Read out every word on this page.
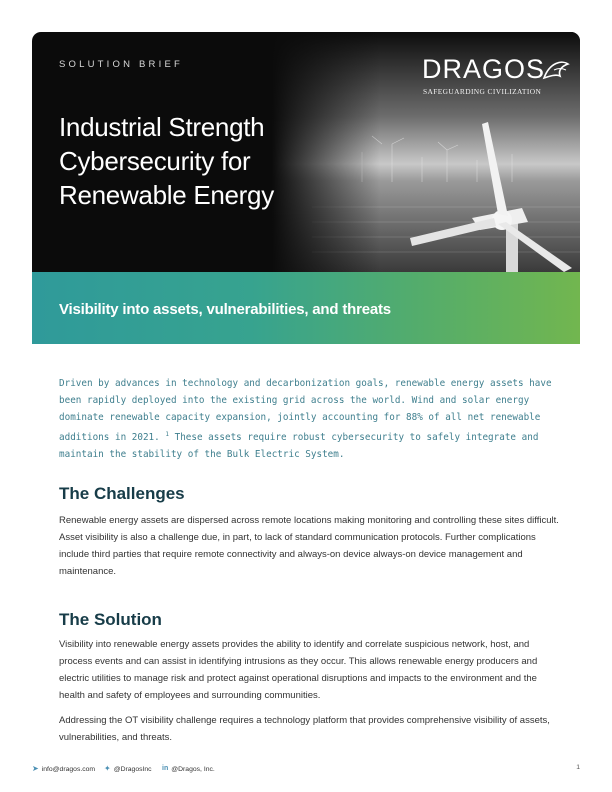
SOLUTION BRIEF	DRAGOS
SAFEGUARDING CIVILIZATION
Industrial Strength
Cybersecurity for
Renewable Energy
Visibility into assets, vulnerabilities, and threats

Driven by advances in technology and decarbonization goals, renewable energy assets have been rapidly deployed into the existing grid across the world. Wind and solar energy dominate renewable capacity expansion, jointly accounting for 88% of all net renewable additions in 2021. $^1$ These assets require robust cybersecurity to safely integrate and maintain the stability of the Bulk Electric System.

The Challenges

Renewable energy assets are dispersed across remote locations making monitoring and controlling these sites difficult. Asset visibility is also a challenge due, in part, to lack of standard communication protocols. Further complications include third parties that require remote connectivity and always-on device always-on device management and maintenance.

The Solution

Visibility into renewable energy assets provides the ability to identify and correlate suspicious network, host, and process events and can assist in identifying intrusions as they occur. This allows renewable energy producers and electric utilities to manage risk and protect against operational disruptions and impacts to the environment and the health and safety of employees and surrounding communities.

Addressing the OT visibility challenge requires a technology platform that provides comprehensive visibility of assets, vulnerabilities, and threats.

➤ info@dragos.com ✦ @DragosInc in @Dragos, Inc.	1
